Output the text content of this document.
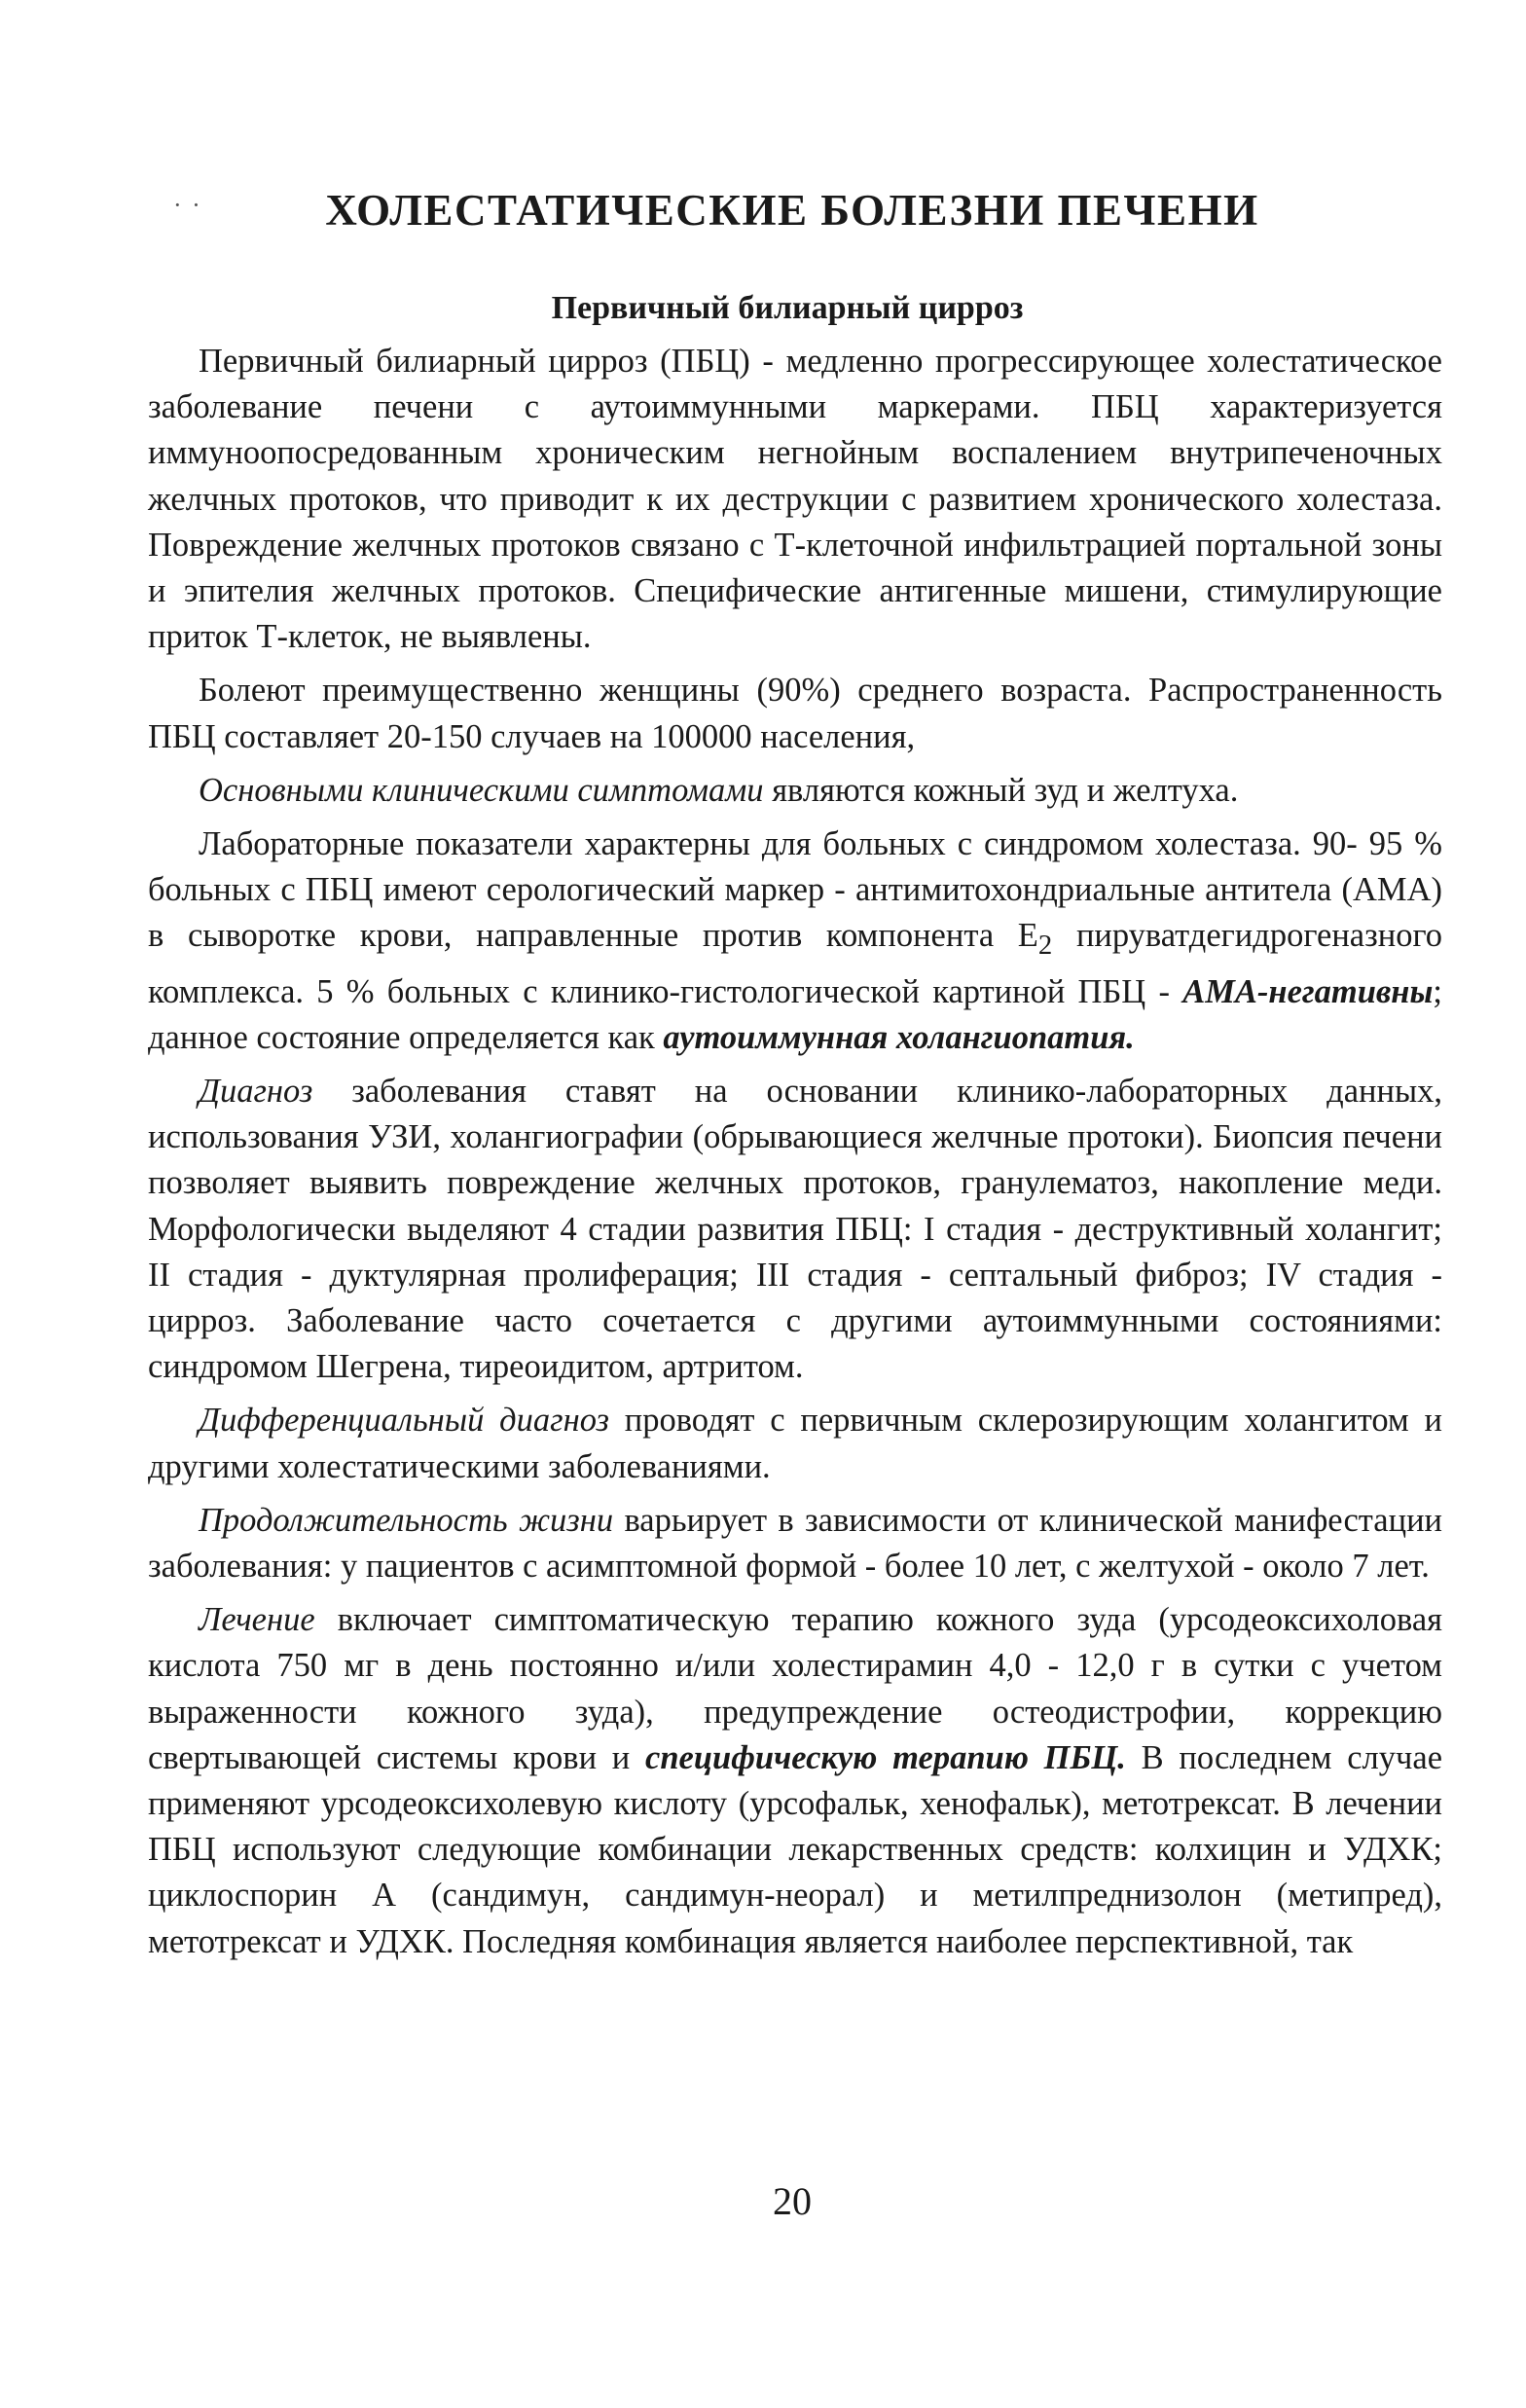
· ·	ХОЛЕСТАТИЧЕСКИЕ БОЛЕЗНИ ПЕЧЕНИ
Первичный билиарный цирроз

Первичный билиарный цирроз (ПБЦ) - медленно прогрессирующее холестатическое заболевание печени с аутоиммунными маркерами. ПБЦ характеризуется иммуноопосредованным хроническим негнойным воспалением внутрипеченочных желчных протоков, что приводит к их деструкции с развитием хронического холестаза. Повреждение желчных протоков связано с Т-клеточной инфильтрацией портальной зоны и эпителия желчных протоков. Специфические антигенные мишени, стимулирующие приток Т-клеток, не выявлены.

Болеют преимущественно женщины (90%) среднего возраста. Распространенность ПБЦ составляет 20-150 случаев на 100000 населения,

Основными клиническими симптомами являются кожный зуд и желтуха.

Лабораторные показатели характерны для больных с синдромом холестаза. 90- 95 % больных с ПБЦ имеют серологический маркер - антимитохондриальные антитела (АМА) в сыворотке крови, направленные против компонента $E_2$ пируватдегидрогеназного комплекса. 5 % больных с клинико-гистологической картиной ПБЦ - АМА-негативны; данное состояние определяется как аутоиммунная холангиопатия.

Диагноз заболевания ставят на основании клинико-лабораторных данных, использования УЗИ, холангиографии (обрывающиеся желчные протоки). Биопсия печени позволяет выявить повреждение желчных протоков, гранулематоз, накопление меди. Морфологически выделяют 4 стадии развития ПБЦ: I стадия - деструктивный холангит; II стадия - дуктулярная пролиферация; III стадия - септальный фиброз; IV стадия - цирроз. Заболевание часто сочетается с другими аутоиммунными состояниями: синдромом Шегрена, тиреоидитом, артритом.

Дифференциальный диагноз проводят с первичным склерозирующим холангитом и другими холестатическими заболеваниями.

Продолжительность жизни варьирует в зависимости от клинической манифестации заболевания: у пациентов с асимптомной формой - более 10 лет, с желтухой - около 7 лет.

Лечение включает симптоматическую терапию кожного зуда (урсодеоксихоловая кислота 750 мг в день постоянно и/или холестирамин 4,0 - 12,0 г в сутки с учетом выраженности кожного зуда), предупреждение остеодистрофии, коррекцию свертывающей системы крови и специфическую терапию ПБЦ. В последнем случае применяют урсодеоксихолевую кислоту (урсофальк, хенофальк), метотрексат. В лечении ПБЦ используют следующие комбинации лекарственных средств: колхицин и УДХК; циклоспорин А (сандимун, сандимун-неорал) и метилпреднизолон (метипред), метотрексат и УДХК. Последняя комбинация является наиболее перспективной, так

20
